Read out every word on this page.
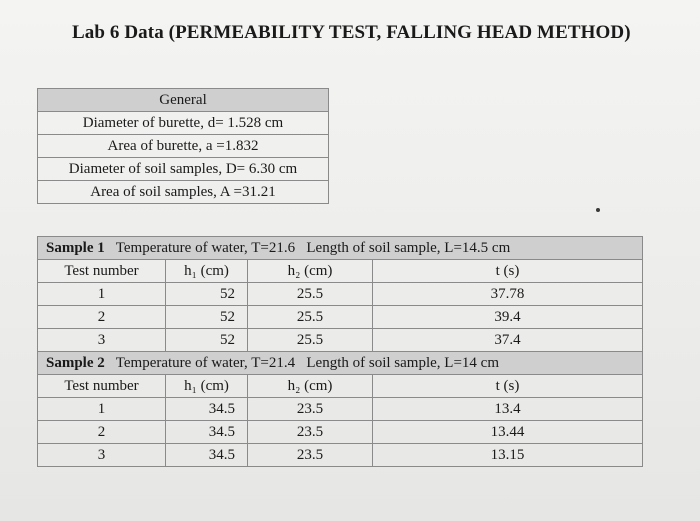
Lab 6 Data (PERMEABILITY TEST, FALLING HEAD METHOD)
General
Diameter of burette, d= 1.528 cm
Area of burette, a =1.832
Diameter of soil samples, D= 6.30 cm
Area of soil samples, A =31.21
Sample 1 Temperature of water, T=21.6 Length of soil sample, L=14.5 cm			
Test number	h₁ (cm)	h₂ (cm)	t (s)
1	52	25.5	37.78
2	52	25.5	39.4
3	52	25.5	37.4
Sample 2 Temperature of water, T=21.4 Length of soil sample, L=14 cm			
Test number	h₁ (cm)	h₂ (cm)	t (s)
1	34.5	23.5	13.4
2	34.5	23.5	13.44
3	34.5	23.5	13.15
